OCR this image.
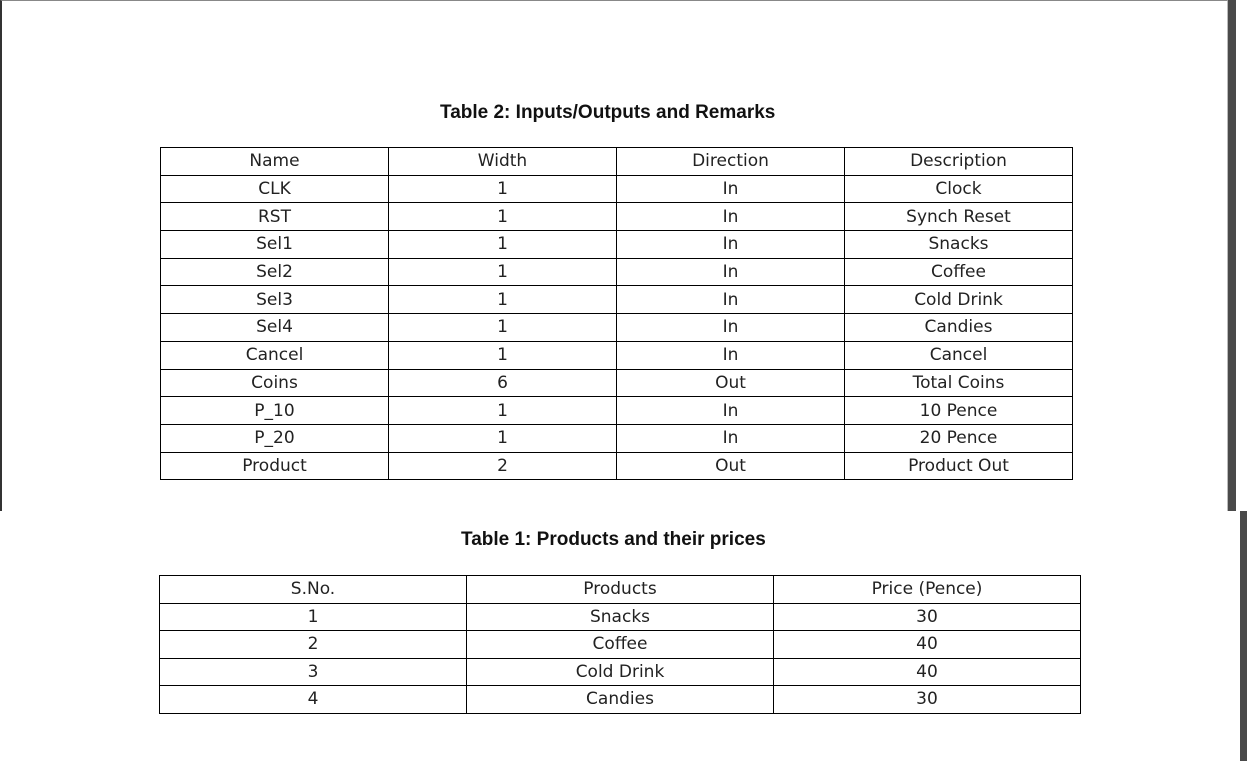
Table 2: Inputs/Outputs and Remarks
Name	Width	Direction	Description
CLK	1	In	Clock
RST	1	In	Synch Reset
Sel1	1	In	Snacks
Sel2	1	In	Coffee
Sel3	1	In	Cold Drink
Sel4	1	In	Candies
Cancel	1	In	Cancel
Coins	6	Out	Total Coins
P_10	1	In	10 Pence
P_20	1	In	20 Pence
Product	2	Out	Product Out
Table 1: Products and their prices
S.No.	Products	Price (Pence)
1	Snacks	30
2	Coffee	40
3	Cold Drink	40
4	Candies	30
